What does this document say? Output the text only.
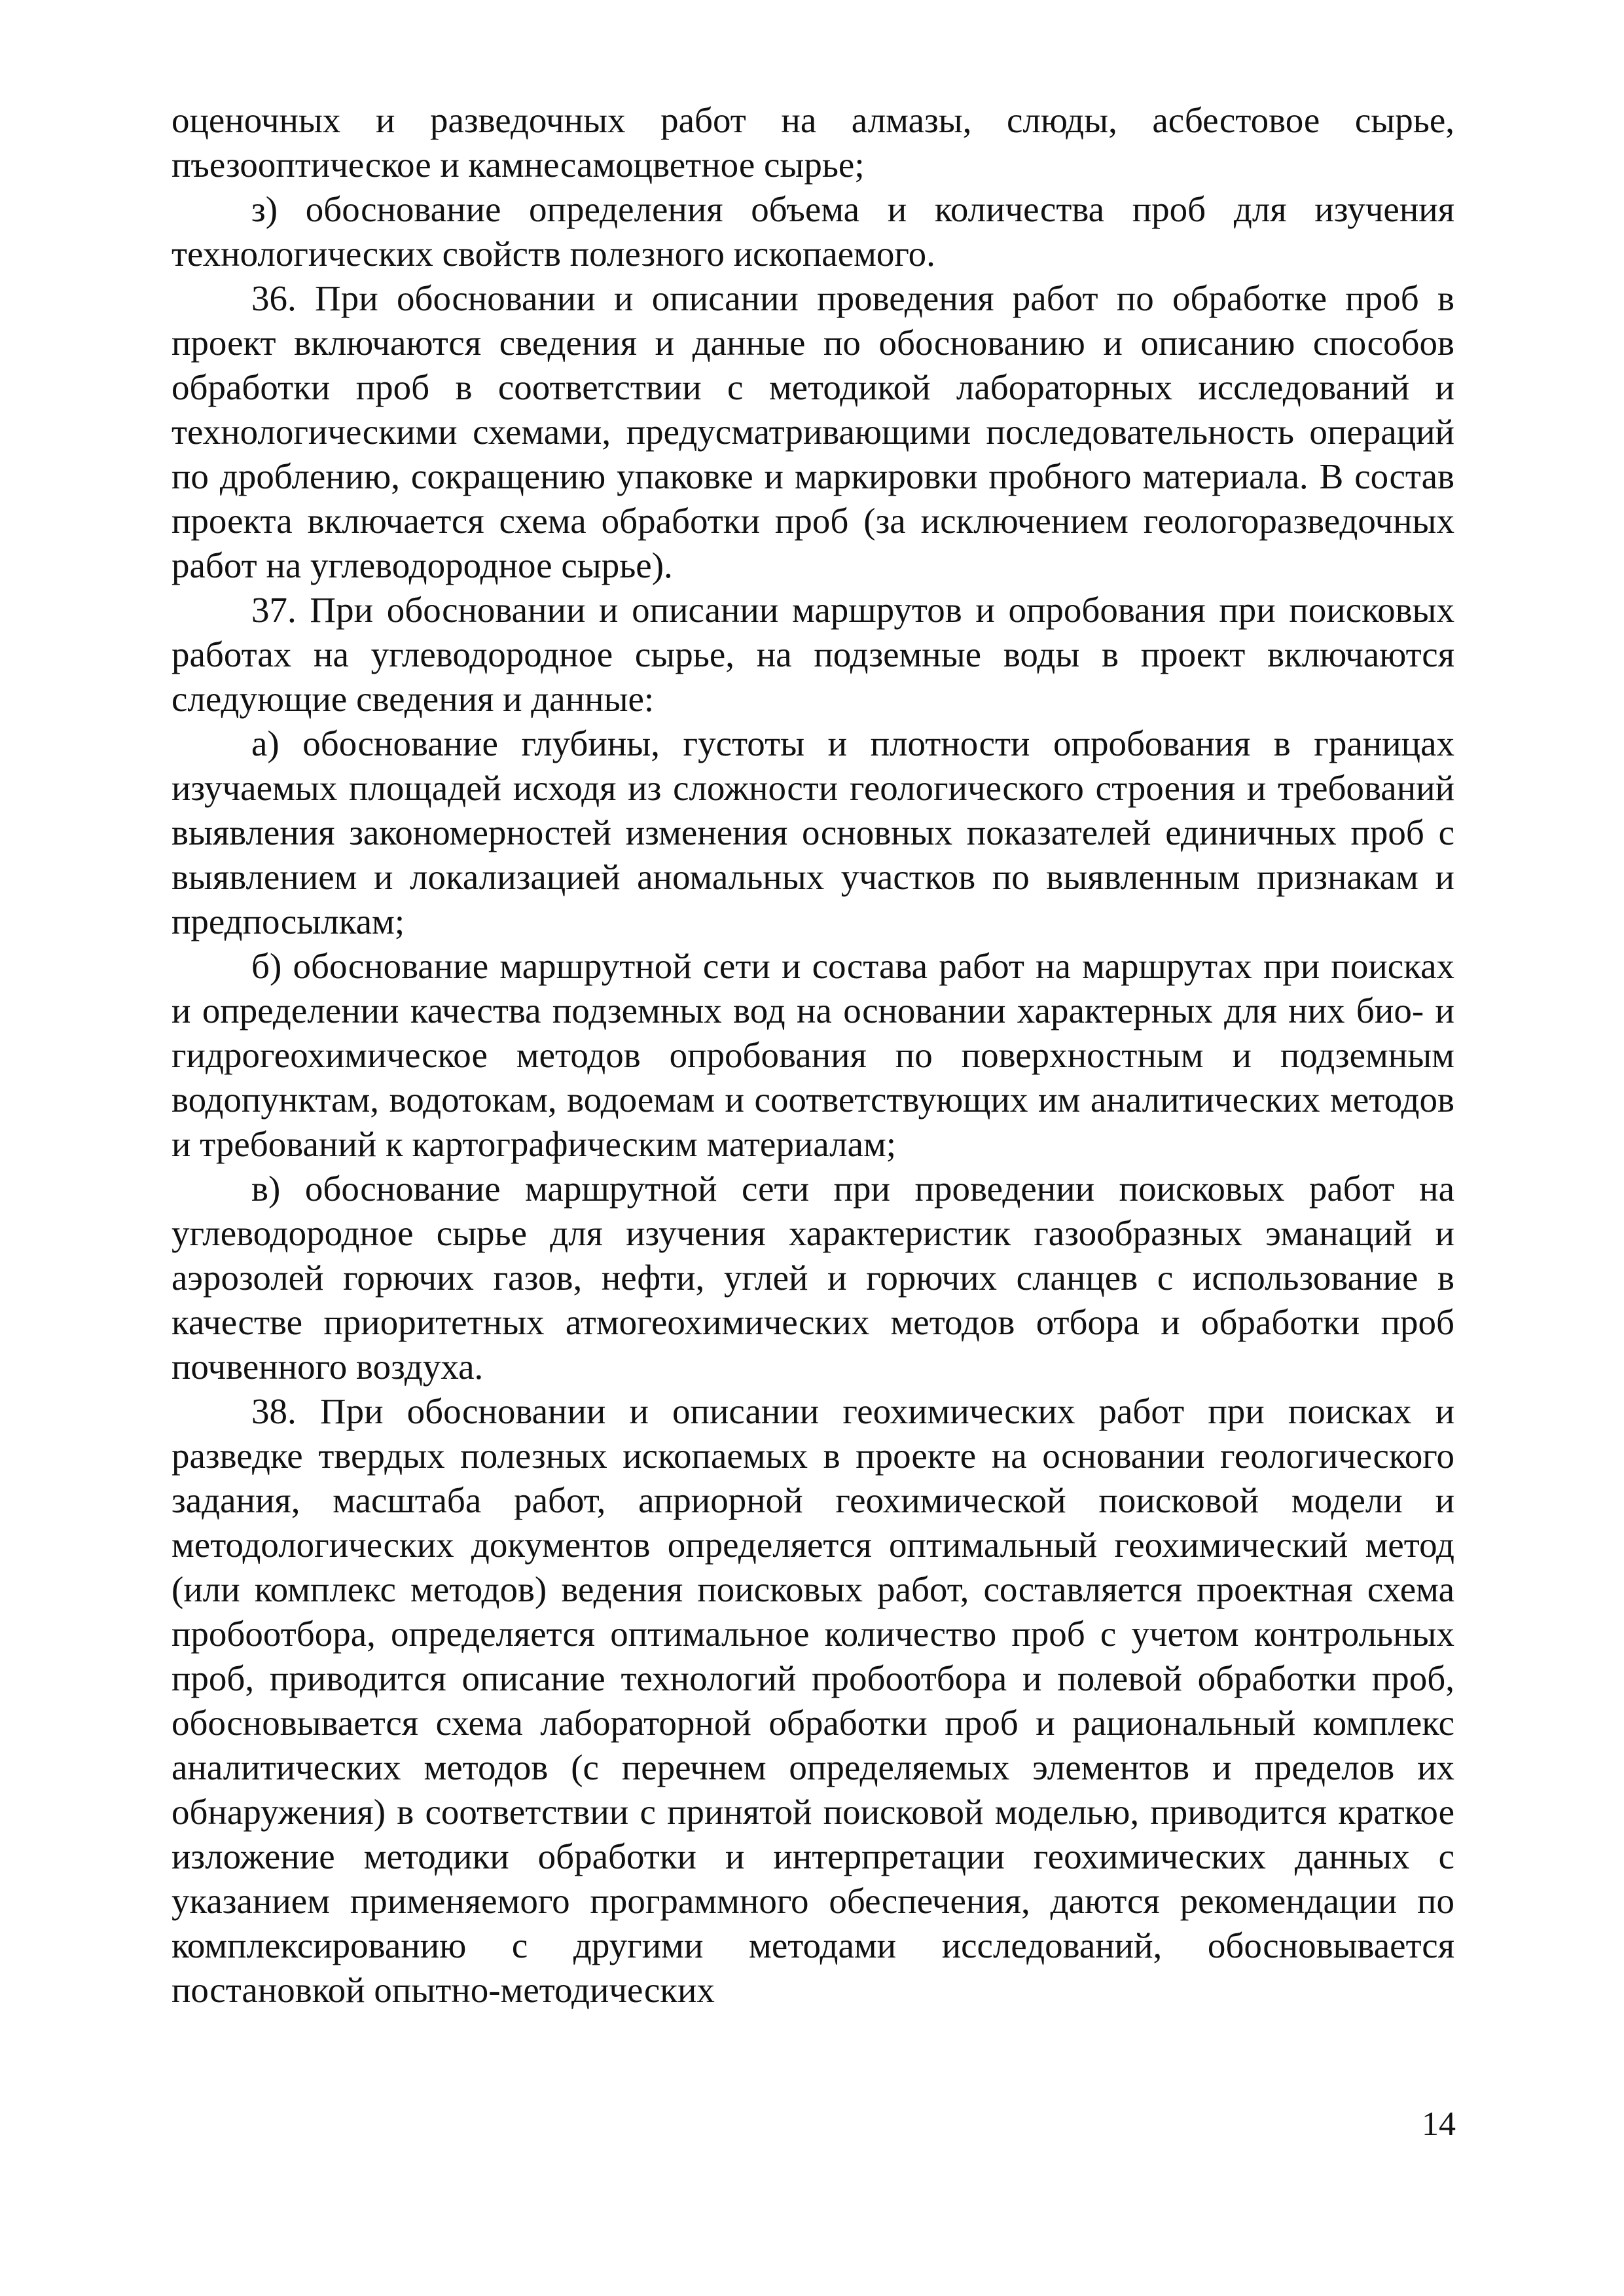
оценочных и разведочных работ на алмазы, слюды, асбестовое сырье, пъезооптическое и камнесамоцветное сырье;

з) обоснование определения объема и количества проб для изучения технологических свойств полезного ископаемого.

36. При обосновании и описании проведения работ по обработке проб в проект включаются сведения и данные по обоснованию и описанию способов обработки проб в соответствии с методикой лабораторных исследований и технологическими схемами, предусматривающими последовательность операций по дроблению, сокращению упаковке и маркировки пробного материала. В состав проекта включается схема обработки проб (за исключением геологоразведочных работ на углеводородное сырье).

37. При обосновании и описании маршрутов и опробования при поисковых работах на углеводородное сырье, на подземные воды в проект включаются следующие сведения и данные:

а) обоснование глубины, густоты и плотности опробования в границах изучаемых площадей исходя из сложности геологического строения и требований выявления закономерностей изменения основных показателей единичных проб с выявлением и локализацией аномальных участков по выявленным признакам и предпосылкам;

б) обоснование маршрутной сети и состава работ на маршрутах при поисках и определении качества подземных вод на основании характерных для них био- и гидрогеохимическое методов опробования по поверхностным и подземным водопунктам, водотокам, водоемам и соответствующих им аналитических методов и требований к картографическим материалам;

в) обоснование маршрутной сети при проведении поисковых работ на углеводородное сырье для изучения характеристик газообразных эманаций и аэрозолей горючих газов, нефти, углей и горючих сланцев с использование в качестве приоритетных атмогеохимических методов отбора и обработки проб почвенного воздуха.

38. При обосновании и описании геохимических работ при поисках и разведке твердых полезных ископаемых в проекте на основании геологического задания, масштаба работ, априорной геохимической поисковой модели и методологических документов определяется оптимальный геохимический метод (или комплекс методов) ведения поисковых работ, составляется проектная схема пробоотбора, определяется оптимальное количество проб с учетом контрольных проб, приводится описание технологий пробоотбора и полевой обработки проб, обосновывается схема лабораторной обработки проб и рациональный комплекс аналитических методов (с перечнем определяемых элементов и пределов их обнаружения) в соответствии с принятой поисковой моделью, приводится краткое изложение методики обработки и интерпретации геохимических данных с указанием применяемого программного обеспечения, даются рекомендации по комплексированию с другими методами исследований, обосновывается постановкой опытно-методических

14
